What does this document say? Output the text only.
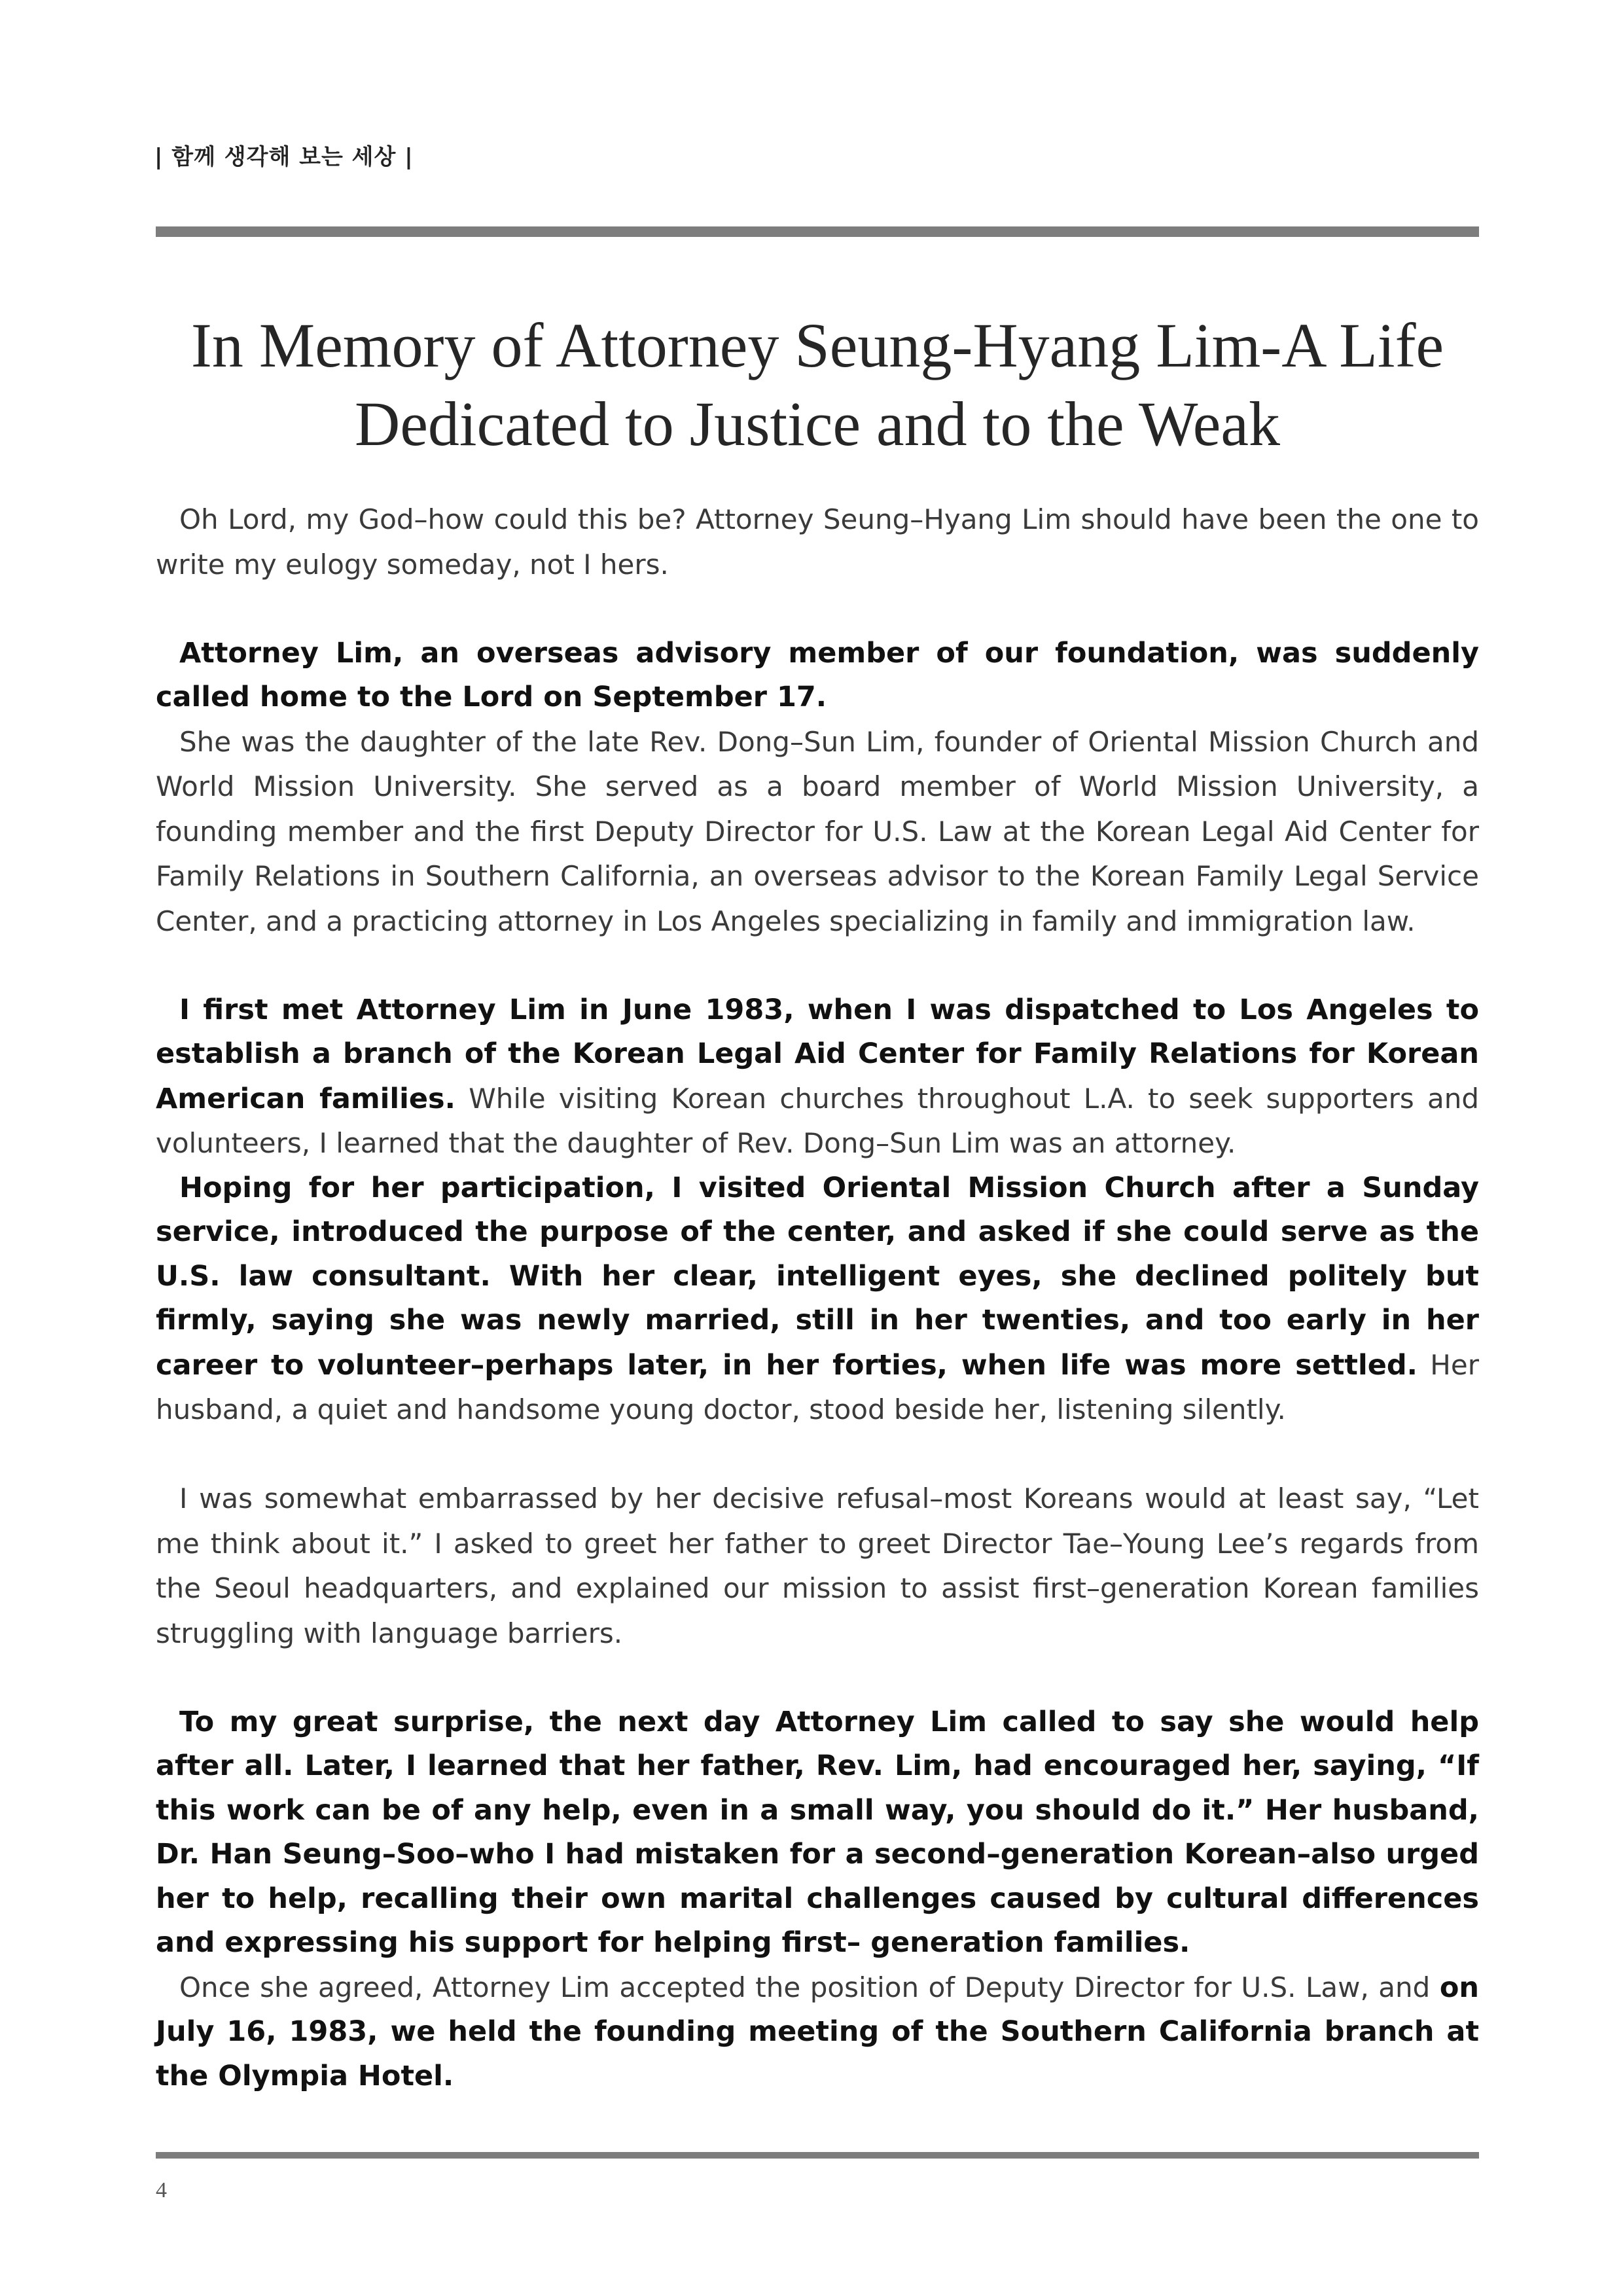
| 함께 생각해 보는 세상 |
In Memory of Attorney Seung-Hyang Lim-A Life
Dedicated to Justice and to the Weak

Oh Lord, my God–how could this be? Attorney Seung–Hyang Lim should have been the one to write my eulogy someday, not I hers.

Attorney Lim, an overseas advisory member of our foundation, was suddenly called home to the Lord on September 17.

She was the daughter of the late Rev. Dong–Sun Lim, founder of Oriental Mission Church and World Mission University. She served as a board member of World Mission University, a founding member and the first Deputy Director for U.S. Law at the Korean Legal Aid Center for Family Relations in Southern California, an overseas advisor to the Korean Family Legal Service Center, and a practicing attorney in Los Angeles specializing in family and immigration law.

I first met Attorney Lim in June 1983, when I was dispatched to Los Angeles to establish a branch of the Korean Legal Aid Center for Family Relations for Korean American families. While visiting Korean churches throughout L.A. to seek supporters and volunteers, I learned that the daughter of Rev. Dong–Sun Lim was an attorney.

Hoping for her participation, I visited Oriental Mission Church after a Sunday service, introduced the purpose of the center, and asked if she could serve as the U.S. law consultant. With her clear, intelligent eyes, she declined politely but firmly, saying she was newly married, still in her twenties, and too early in her career to volunteer–perhaps later, in her forties, when life was more settled. Her husband, a quiet and handsome young doctor, stood beside her, listening silently.

I was somewhat embarrassed by her decisive refusal–most Koreans would at least say, “Let me think about it.” I asked to greet her father to greet Director Tae–Young Lee’s regards from the Seoul headquarters, and explained our mission to assist first–generation Korean families struggling with language barriers.

To my great surprise, the next day Attorney Lim called to say she would help after all. Later, I learned that her father, Rev. Lim, had encouraged her, saying, “If this work can be of any help, even in a small way, you should do it.” Her husband, Dr. Han Seung–Soo–who I had mistaken for a second–generation Korean–also urged her to help, recalling their own marital challenges caused by cultural differences and expressing his support for helping first– generation families.

Once she agreed, Attorney Lim accepted the position of Deputy Director for U.S. Law, and on July 16, 1983, we held the founding meeting of the Southern California branch at the Olympia Hotel.

4
